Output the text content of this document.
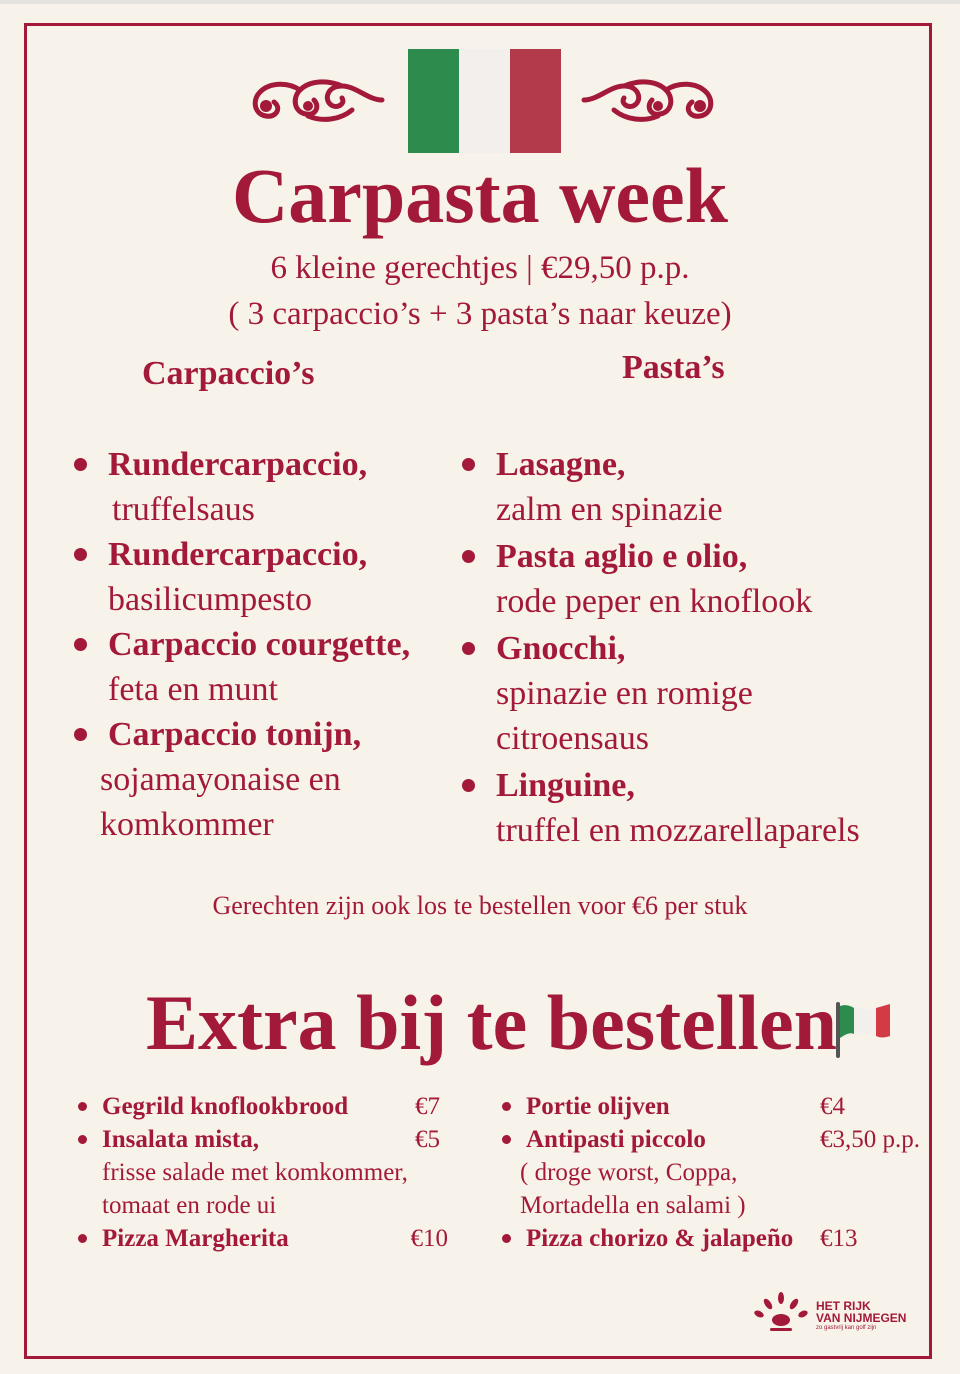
Carpasta week
6 kleine gerechtjes | €29,50 p.p.
( 3 carpaccio’s + 3 pasta’s naar keuze)
Carpaccio’s
Rundercarpaccio,
truffelsaus
Rundercarpaccio,
basilicumpesto
Carpaccio courgette,
feta en munt
Carpaccio tonijn,
sojamayonaise en komkommer
Pasta’s
Lasagne,
zalm en spinazie
Pasta aglio e olio,
rode peper en knoflook
Gnocchi,
spinazie en romige citroensaus
Linguine,
truffel en mozzarellaparels
Gerechten zijn ook los te bestellen voor €6 per stuk
Extra bij te bestellen
Gegrild knoflookbrood	€7
Insalata mista,	€5
frisse salade met komkommer, tomaat en rode ui
Pizza Margherita	€10
Portie olijven	€4
Antipasti piccolo	€3,50 p.p.
( droge worst, Coppa, Mortadella en salami )
Pizza chorizo & jalapeño €13
HET RIJK
VAN NIJMEGEN
zo gastvrij kan golf zijn
